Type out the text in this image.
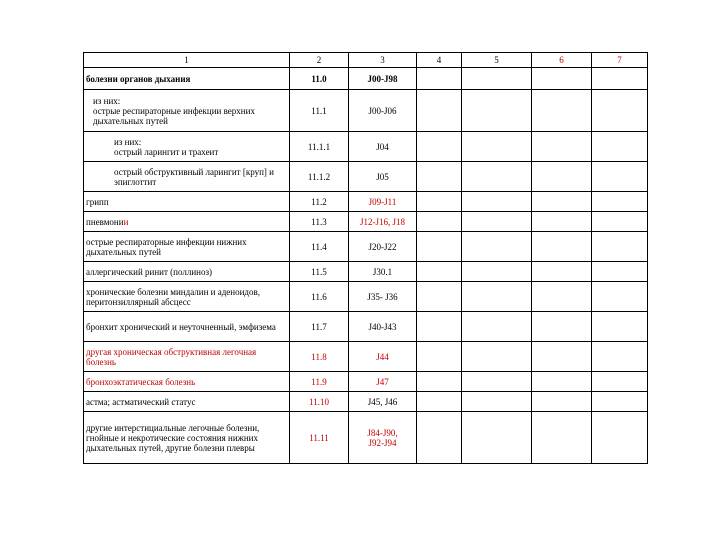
1	2	3	4	5	6	7
болезни органов дыхания	11.0	J00-J98				
из них:
острые респираторные инфекции верхних дыхательных путей	11.1	J00-J06				
из них:
острый ларингит и трахеит	11.1.1	J04				
острый обструктивный ларингит [круп] и эпиглоттит	11.1.2	J05				
грипп	11.2	J09-J11				
пневмонии	11.3	J12-J16, J18				
острые респираторные инфекции нижних дыхательных путей	11.4	J20-J22				
аллергический ринит (поллиноз)	11.5	J30.1				
хронические болезни миндалин и аденоидов, перитонзиллярный абсцесс	11.6	J35- J36				
бронхит хронический и неуточненный, эмфизема	11.7	J40-J43				
другая хроническая обструктивная легочная болезнь	11.8	J44				
бронхоэктатическая болезнь	11.9	J47				
астма; астматический статус	11.10	J45, J46				
другие интерстициальные легочные болезни, гнойные и некротические состояния нижних дыхательных путей, другие болезни плевры	11.11	J84-J90,
J92-J94				
